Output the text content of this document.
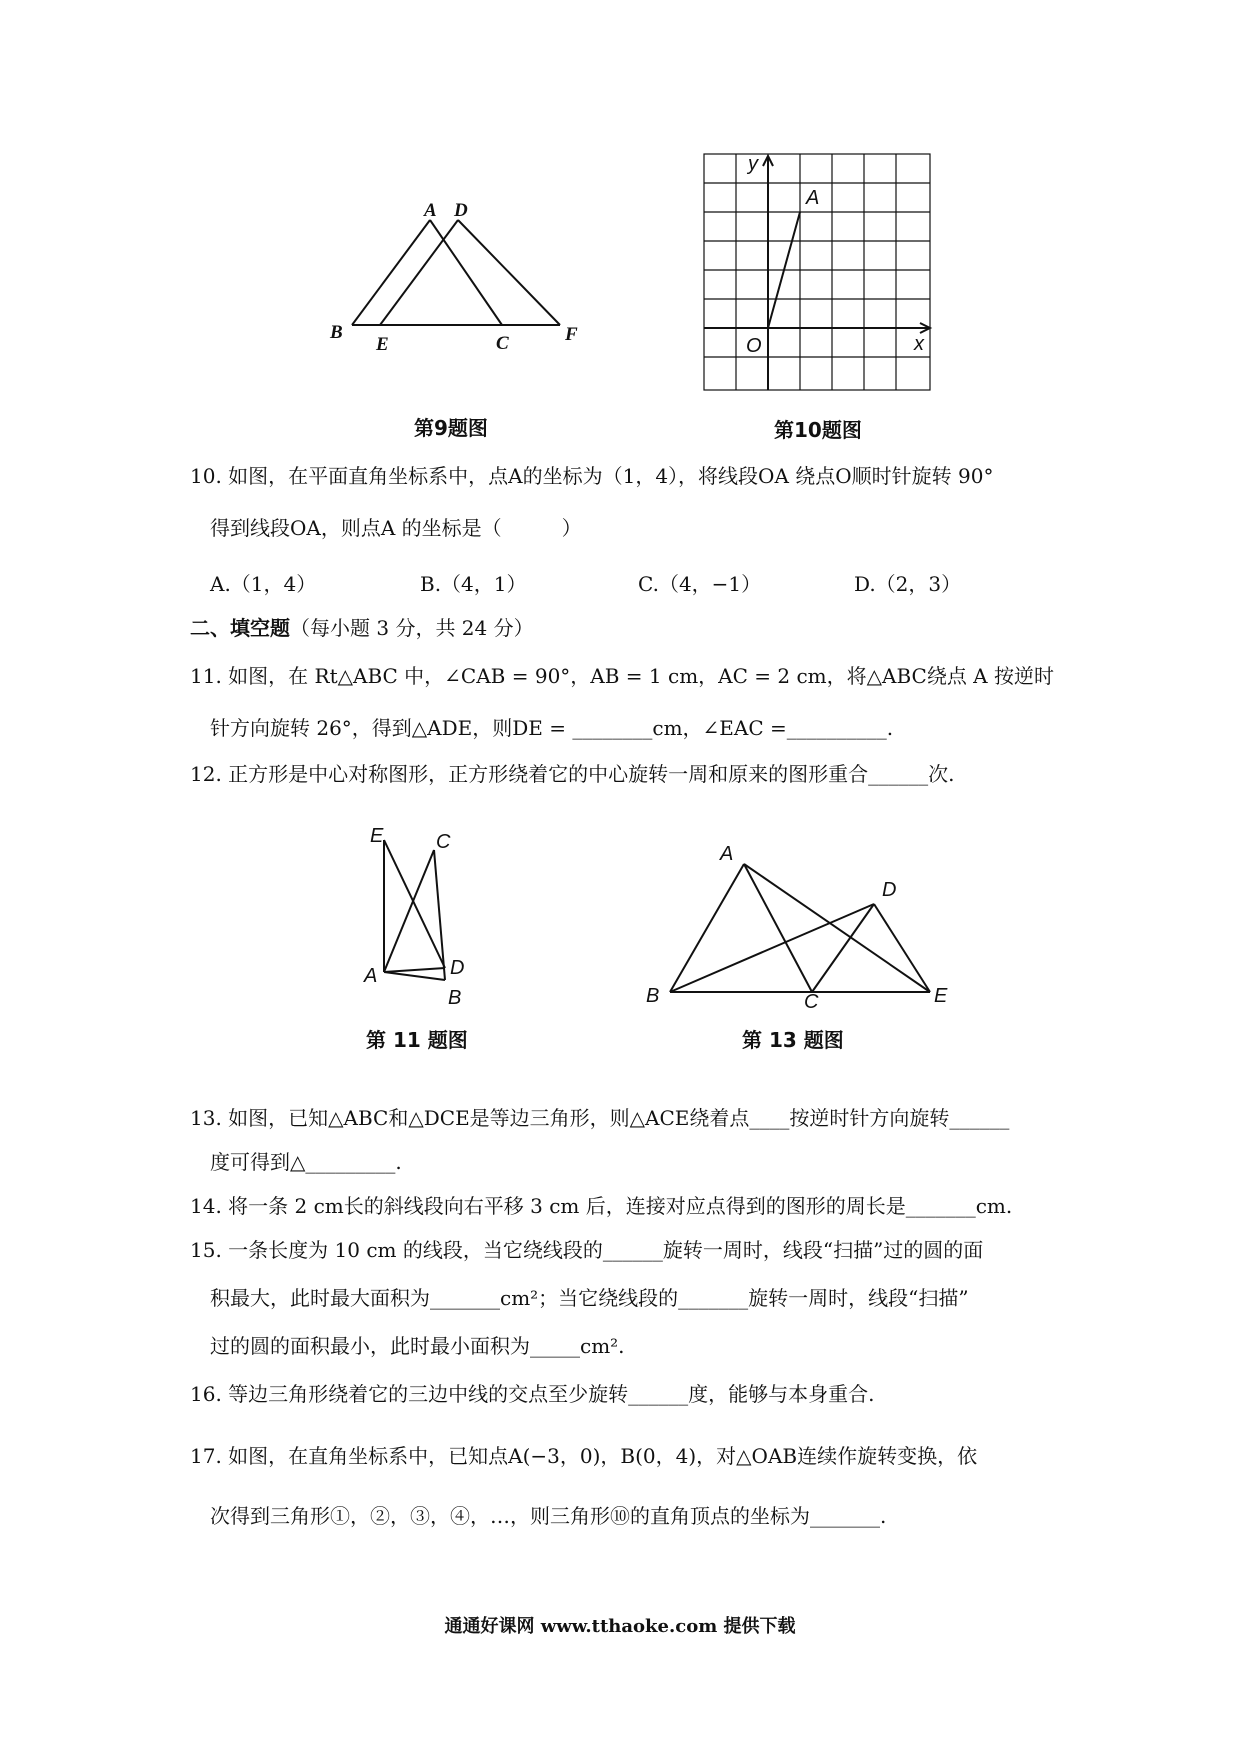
A D
B
E	C	F
第9题图
y
A
O	x
第10题图
10. 如图，在平面直角坐标系中，点A的坐标为（1，4），将线段OA 绕点O顺时针旋转 90°
得到线段OA，则点A 的坐标是（　　　）
A.（1，4）	B.（4，1）	C.（4，−1）	D.（2，3）
二、填空题（每小题 3 分，共 24 分）
11. 如图，在 Rt△ABC 中，∠CAB = 90°，AB = 1 cm，AC = 2 cm，将△ABC绕点 A 按逆时
针方向旋转 26°，得到△ADE，则DE = ________cm，∠EAC =__________.
12. 正方形是中心对称图形，正方形绕着它的中心旋转一周和原来的图形重合______次.
E	C
A	D
B
第 11 题图
A
D
B	C	E
第 13 题图
13. 如图，已知△ABC和△DCE是等边三角形，则△ACE绕着点____按逆时针方向旋转______
度可得到△_________.
14. 将一条 2 cm长的斜线段向右平移 3 cm 后，连接对应点得到的图形的周长是_______cm.
15. 一条长度为 10 cm 的线段，当它绕线段的______旋转一周时，线段“扫描”过的圆的面
积最大，此时最大面积为_______cm²；当它绕线段的_______旋转一周时，线段“扫描”
过的圆的面积最小，此时最小面积为_____cm².
16. 等边三角形绕着它的三边中线的交点至少旋转______度，能够与本身重合.
17. 如图，在直角坐标系中，已知点A(−3，0)，B(0，4)，对△OAB连续作旋转变换，依
次得到三角形①，②，③，④，…，则三角形⑩的直角顶点的坐标为_______.
通通好课网 www.tthaoke.com 提供下载
